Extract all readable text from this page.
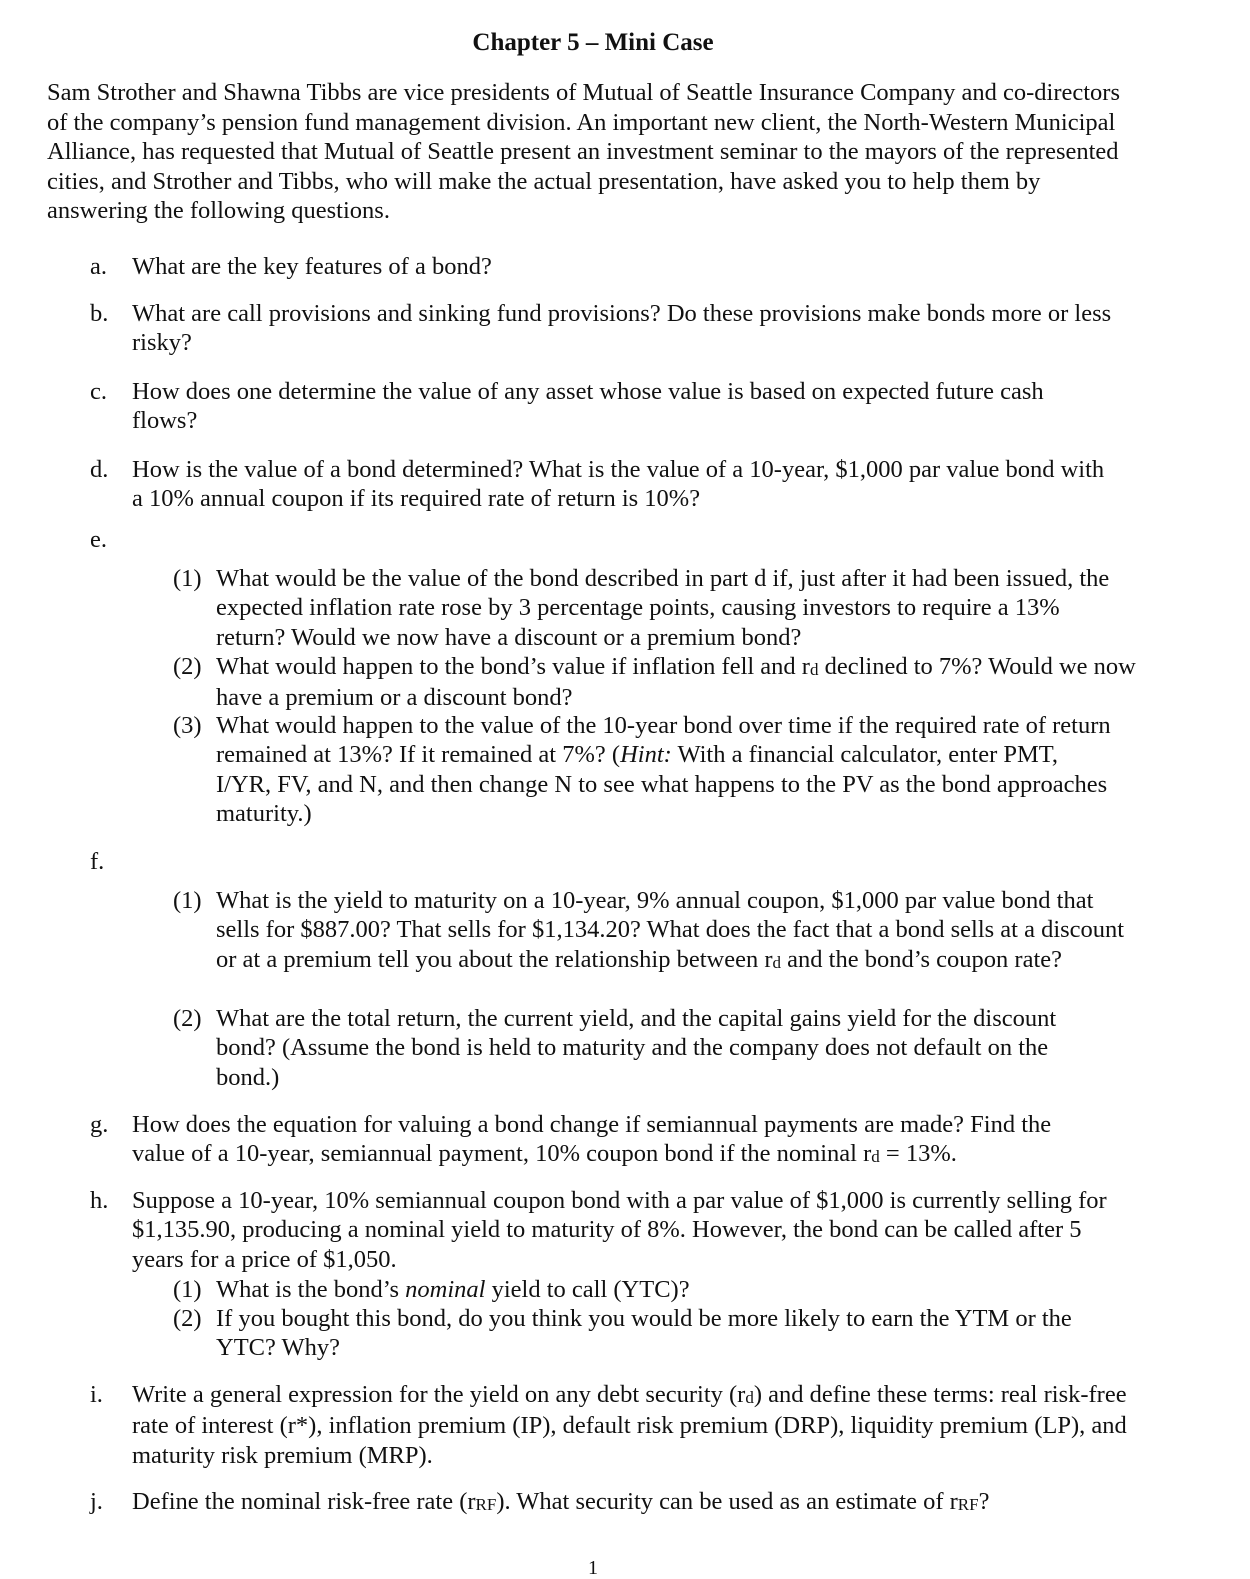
Chapter 5 – Mini Case
Sam Strother and Shawna Tibbs are vice presidents of Mutual of Seattle Insurance Company and co-directors of the company’s pension fund management division. An important new client, the North-Western Municipal Alliance, has requested that Mutual of Seattle present an investment seminar to the mayors of the represented cities, and Strother and Tibbs, who will make the actual presentation, have asked you to help them by answering the following questions.
a.	What are the key features of a bond?
b. What are call provisions and sinking fund provisions? Do these provisions make bonds more or less risky?
c.	How does one determine the value of any asset whose value is based on expected future cash flows?
d. How is the value of a bond determined? What is the value of a 10-year, $1,000 par value bond with a 10% annual coupon if its required rate of return is 10%?
e.
(1) What would be the value of the bond described in part d if, just after it had been issued, the expected inflation rate rose by 3 percentage points, causing investors to require a 13% return? Would we now have a discount or a premium bond?
(2) What would happen to the bond’s value if inflation fell and rd declined to 7%? Would we now have a premium or a discount bond?
(3) What would happen to the value of the 10-year bond over time if the required rate of return remained at 13%? If it remained at 7%? (Hint: With a financial calculator, enter PMT, I/YR, FV, and N, and then change N to see what happens to the PV as the bond approaches maturity.)
f.
(1) What is the yield to maturity on a 10-year, 9% annual coupon, $1,000 par value bond that sells for $887.00? That sells for $1,134.20? What does the fact that a bond sells at a discount or at a premium tell you about the relationship between rd and the bond’s coupon rate?
(2) What are the total return, the current yield, and the capital gains yield for the discount bond? (Assume the bond is held to maturity and the company does not default on the bond.)
g. How does the equation for valuing a bond change if semiannual payments are made? Find the value of a 10-year, semiannual payment, 10% coupon bond if the nominal rd = 13%.
h. Suppose a 10-year, 10% semiannual coupon bond with a par value of $1,000 is currently selling for $1,135.90, producing a nominal yield to maturity of 8%. However, the bond can be called after 5 years for a price of $1,050.
(1) What is the bond’s nominal yield to call (YTC)?
(2) If you bought this bond, do you think you would be more likely to earn the YTM or the YTC? Why?
i.	Write a general expression for the yield on any debt security (rd) and define these terms: real risk-free rate of interest (r*), inflation premium (IP), default risk premium (DRP), liquidity premium (LP), and maturity risk premium (MRP).
j.	Define the nominal risk-free rate (rRF). What security can be used as an estimate of rRF?
1
